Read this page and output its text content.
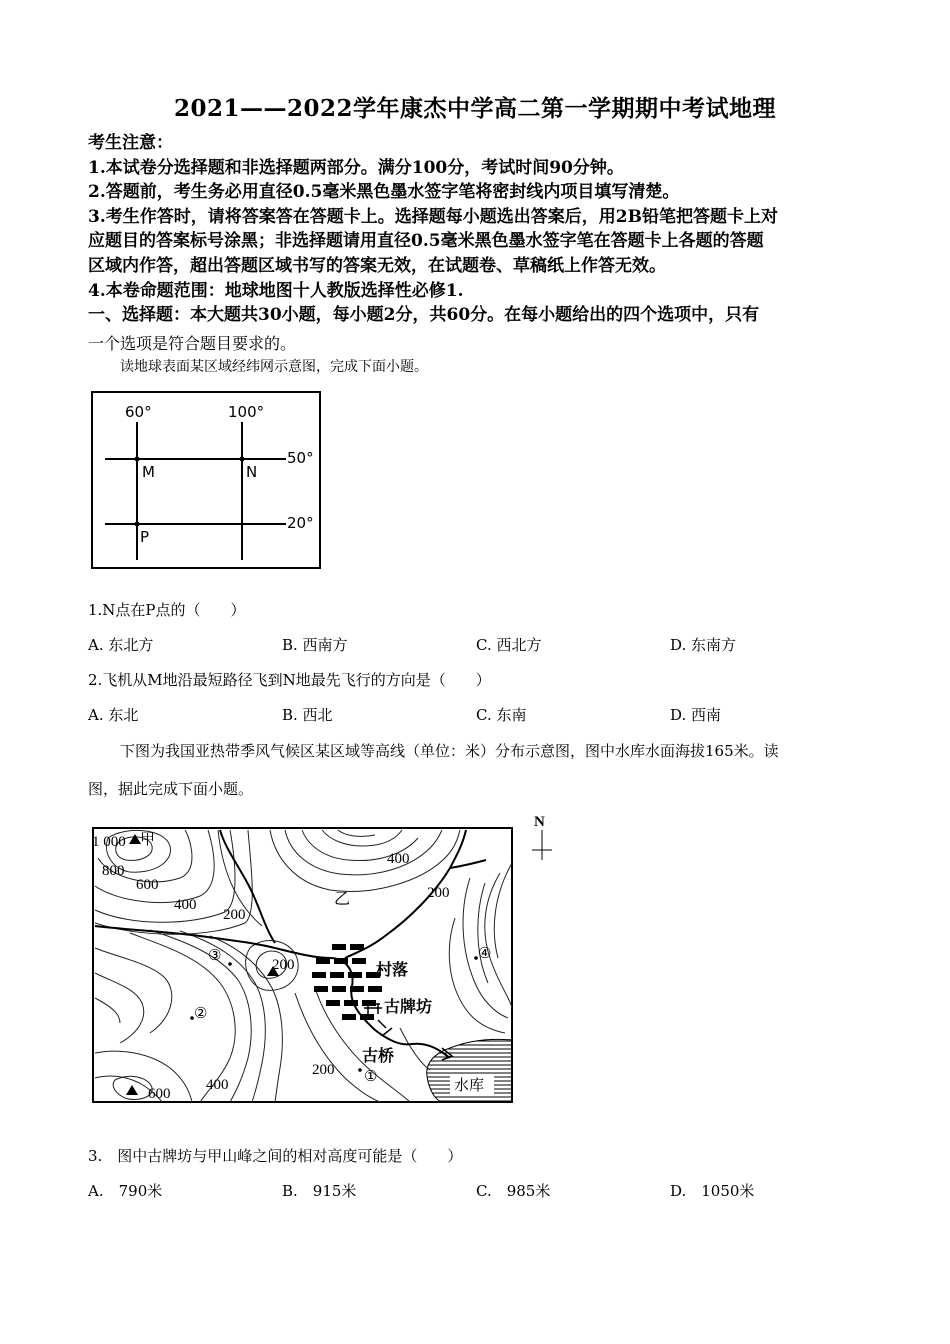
2021——2022学年康杰中学高二第一学期期中考试地理
考生注意：
1.本试卷分选择题和非选择题两部分。满分100分，考试时间90分钟。
2.答题前，考生务必用直径0.5毫米黑色墨水签字笔将密封线内项目填写清楚。
3.考生作答时，请将答案答在答题卡上。选择题每小题选出答案后，用2B铅笔把答题卡上对
应题目的答案标号涂黑；非选择题请用直径0.5毫米黑色墨水签字笔在答题卡上各题的答题
区域内作答，超出答题区域书写的答案无效，在试题卷、草稿纸上作答无效。
4.本卷命题范围：地球地图十人教版选择性必修1.
一、选择题：本大题共30小题，每小题2分，共60分。在每小题给出的四个选项中，只有
一个选项是符合题目要求的。
读地球表面某区域经纬网示意图，完成下面小题。
60°	100°
50°
20°
M	N
P
1.N点在P点的（　　）
A. 东北方	B. 西南方	C. 西北方	D. 东南方
2.飞机从M地沿最短路径飞到N地最先飞行的方向是（　　）
A. 东北	B. 西北	C. 东南	D. 西南
下图为我国亚热带季风气候区某区域等高线（单位：米）分布示意图，图中水库水面海拔165米。读
图，据此完成下面小题。
N
1 000 甲
800
600
400
200
400
200
乙
200
③
②
④
①
村落
古牌坊
古桥
200
400
600	水库
3.　图中古牌坊与甲山峰之间的相对高度可能是（　　）
A.　790米	B.　915米	C.　985米	D.　1050米
